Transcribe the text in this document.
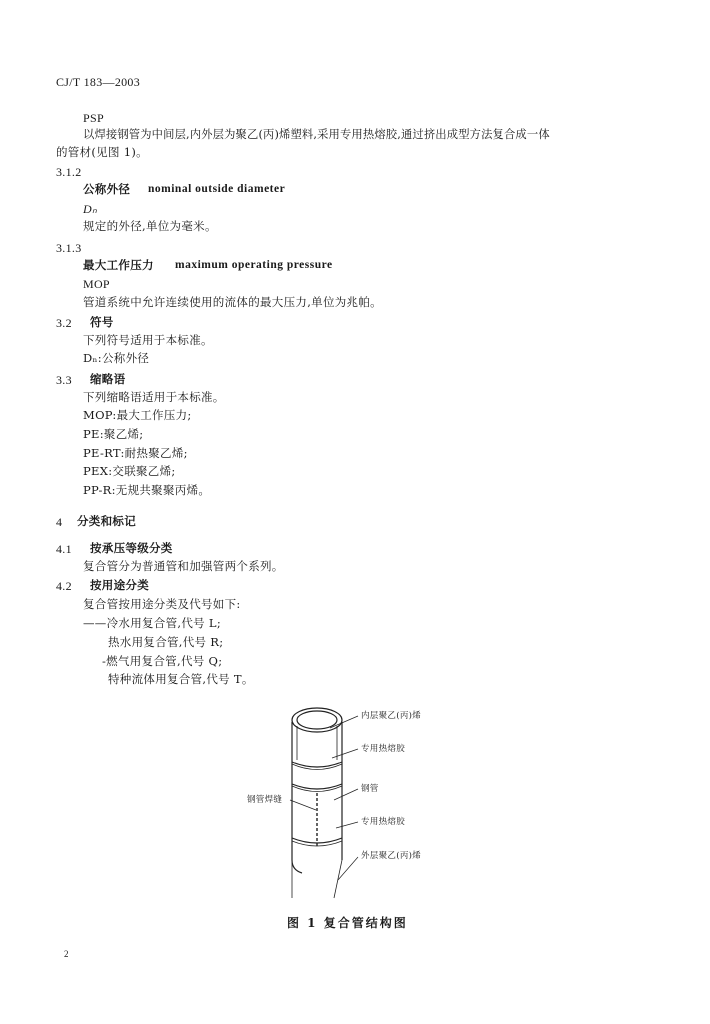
CJ/T 183—2003
PSP
以焊接钢管为中间层,内外层为聚乙(丙)烯塑料,采用专用热熔胶,通过挤出成型方法复合成一体
的管材(见图 1)。
3.1.2
公称外径 nominal outside diameter
Dₙ
规定的外径,单位为毫米。
3.1.3
最大工作压力 maximum operating pressure
MOP
管道系统中允许连续使用的流体的最大压力,单位为兆帕。
3.2 符号
下列符号适用于本标准。
Dₙ:公称外径
3.3 缩略语
下列缩略语适用于本标准。
MOP:最大工作压力;
PE:聚乙烯;
PE-RT:耐热聚乙烯;
PEX:交联聚乙烯;
PP-R:无规共聚聚丙烯。
4 分类和标记
4.1 按承压等级分类
复合管分为普通管和加强管两个系列。
4.2 按用途分类
复合管按用途分类及代号如下:
——冷水用复合管,代号 L;
热水用复合管,代号 R;
-燃气用复合管,代号 Q;
特种流体用复合管,代号 T。
内层聚乙(丙)烯
专用热熔胶
钢管
钢管焊缝
专用热熔胶
外层聚乙(丙)烯
图 1 复合管结构图
2
